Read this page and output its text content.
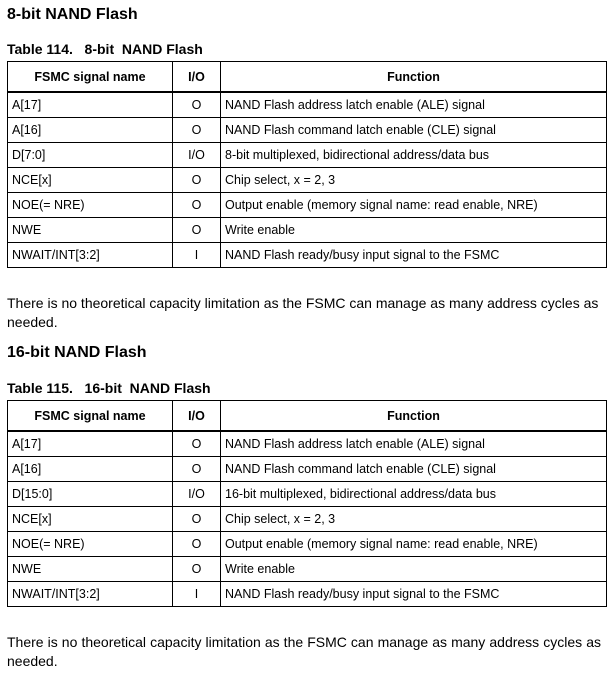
8-bit NAND Flash
Table 114.   8-bit  NAND Flash
FSMC signal name	I/O	Function
A[17]	O	NAND Flash address latch enable (ALE) signal
A[16]	O	NAND Flash command latch enable (CLE) signal
D[7:0]	I/O	8-bit multiplexed, bidirectional address/data bus
NCE[x]	O	Chip select, x = 2, 3
NOE(= NRE)	O	Output enable (memory signal name: read enable, NRE)
NWE	O	Write enable
NWAIT/INT[3:2]	I	NAND Flash ready/busy input signal to the FSMC

There is no theoretical capacity limitation as the FSMC can manage as many address cycles as needed.

16-bit NAND Flash
Table 115.   16-bit  NAND Flash
FSMC signal name	I/O	Function
A[17]	O	NAND Flash address latch enable (ALE) signal
A[16]	O	NAND Flash command latch enable (CLE) signal
D[15:0]	I/O	16-bit multiplexed, bidirectional address/data bus
NCE[x]	O	Chip select, x = 2, 3
NOE(= NRE)	O	Output enable (memory signal name: read enable, NRE)
NWE	O	Write enable
NWAIT/INT[3:2]	I	NAND Flash ready/busy input signal to the FSMC

There is no theoretical capacity limitation as the FSMC can manage as many address cycles as needed.
